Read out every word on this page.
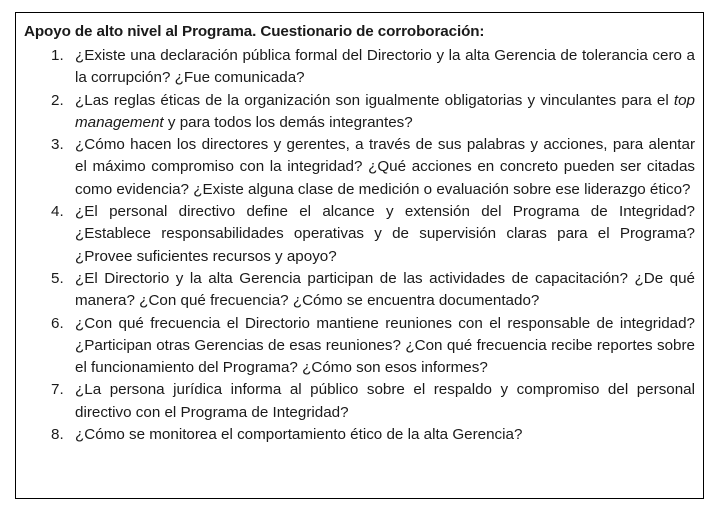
Apoyo de alto nivel al Programa. Cuestionario de corroboración:
1. ¿Existe una declaración pública formal del Directorio y la alta Gerencia de tolerancia cero a la corrupción? ¿Fue comunicada?
2. ¿Las reglas éticas de la organización son igualmente obligatorias y vinculantes para el top management y para todos los demás integrantes?
3. ¿Cómo hacen los directores y gerentes, a través de sus palabras y acciones, para alentar el máximo compromiso con la integridad? ¿Qué acciones en concreto pueden ser citadas como evidencia? ¿Existe alguna clase de medición o evaluación sobre ese liderazgo ético?
4. ¿El personal directivo define el alcance y extensión del Programa de Integridad? ¿Establece responsabilidades operativas y de supervisión claras para el Programa? ¿Provee suficientes recursos y apoyo?
5. ¿El Directorio y la alta Gerencia participan de las actividades de capacitación? ¿De qué manera? ¿Con qué frecuencia? ¿Cómo se encuentra documentado?
6. ¿Con qué frecuencia el Directorio mantiene reuniones con el responsable de integridad? ¿Participan otras Gerencias de esas reuniones? ¿Con qué frecuencia recibe reportes sobre el funcionamiento del Programa? ¿Cómo son esos informes?
7. ¿La persona jurídica informa al público sobre el respaldo y compromiso del personal directivo con el Programa de Integridad?
8. ¿Cómo se monitorea el comportamiento ético de la alta Gerencia?
